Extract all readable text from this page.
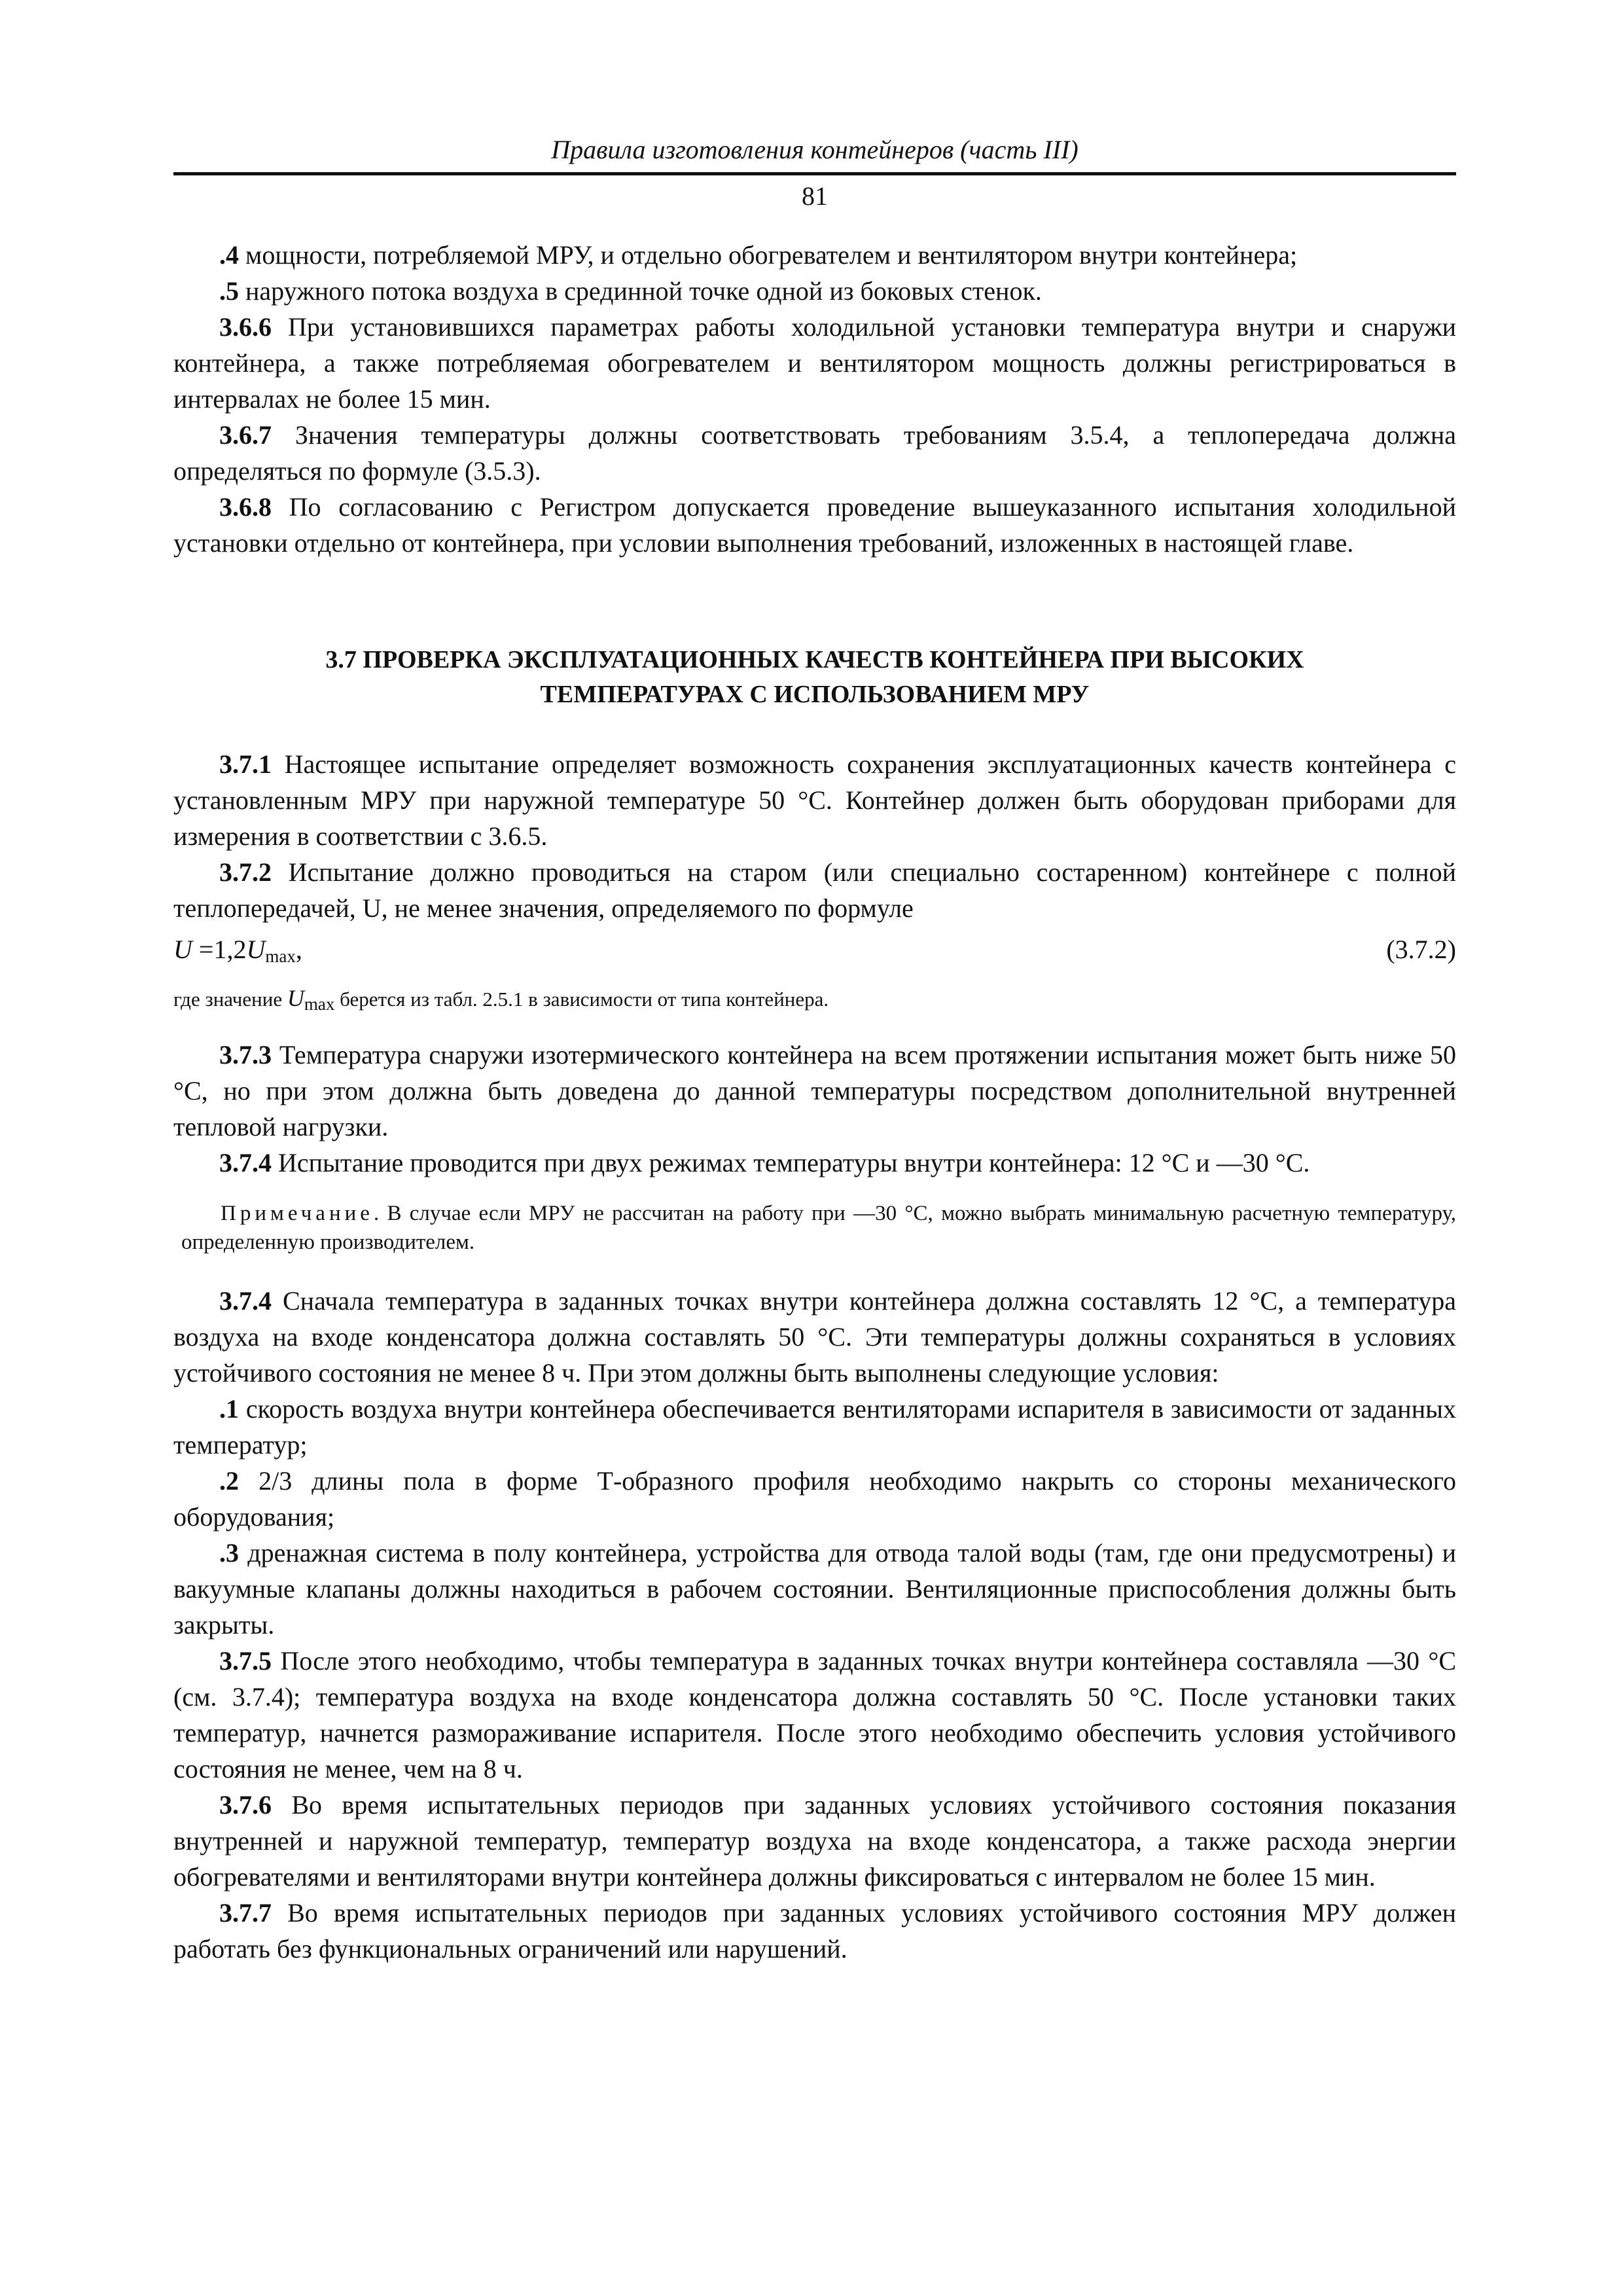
Правила изготовления контейнеров (часть III)
81

.4 мощности, потребляемой МРУ, и отдельно обогревателем и вентилятором внутри контейнера;

.5 наружного потока воздуха в срединной точке одной из боковых стенок.

3.6.6 При установившихся параметрах работы холодильной установки температура внутри и снаружи контейнера, а также потребляемая обогревателем и вентилятором мощность должны регистрироваться в интервалах не более 15 мин.

3.6.7 Значения температуры должны соответствовать требованиям 3.5.4, а теплопередача должна определяться по формуле (3.5.3).

3.6.8 По согласованию с Регистром допускается проведение вышеуказанного испытания холодильной установки отдельно от контейнера, при условии выполнения требований, изложенных в настоящей главе.

3.7 ПРОВЕРКА ЭКСПЛУАТАЦИОННЫХ КАЧЕСТВ КОНТЕЙНЕРА ПРИ ВЫСОКИХ
ТЕМПЕРАТУРАХ С ИСПОЛЬЗОВАНИЕМ МРУ

3.7.1 Настоящее испытание определяет возможность сохранения эксплуатационных качеств контейнера с установленным МРУ при наружной температуре 50 °С. Контейнер должен быть оборудован приборами для измерения в соответствии с 3.6.5.

3.7.2 Испытание должно проводиться на старом (или специально состаренном) контейнере с полной теплопередачей, U, не менее значения, определяемого по формуле

$U =1,2U_{max}$,	(3.7.2)
где значение $U_{max}$ берется из табл. 2.5.1 в зависимости от типа контейнера.

3.7.3 Температура снаружи изотермического контейнера на всем протяжении испытания может быть ниже 50 °С, но при этом должна быть доведена до данной температуры посредством дополнительной внутренней тепловой нагрузки.

3.7.4 Испытание проводится при двух режимах температуры внутри контейнера: 12 °С и —30 °С.

Примечание. В случае если МРУ не рассчитан на работу при —30 °С, можно выбрать минимальную расчетную температуру, определенную производителем.

3.7.4 Сначала температура в заданных точках внутри контейнера должна составлять 12 °С, а температура воздуха на входе конденсатора должна составлять 50 °С. Эти температуры должны сохраняться в условиях устойчивого состояния не менее 8 ч. При этом должны быть выполнены следующие условия:

.1 скорость воздуха внутри контейнера обеспечивается вентиляторами испарителя в зависимости от заданных температур;

.2 2/3 длины пола в форме Т-образного профиля необходимо накрыть со стороны механического оборудования;

.3 дренажная система в полу контейнера, устройства для отвода талой воды (там, где они предусмотрены) и вакуумные клапаны должны находиться в рабочем состоянии. Вентиляционные приспособления должны быть закрыты.

3.7.5 После этого необходимо, чтобы температура в заданных точках внутри контейнера составляла —30 °С (см. 3.7.4); температура воздуха на входе конденсатора должна составлять 50 °С. После установки таких температур, начнется размораживание испарителя. После этого необходимо обеспечить условия устойчивого состояния не менее, чем на 8 ч.

3.7.6 Во время испытательных периодов при заданных условиях устойчивого состояния показания внутренней и наружной температур, температур воздуха на входе конденсатора, а также расхода энергии обогревателями и вентиляторами внутри контейнера должны фиксироваться с интервалом не более 15 мин.

3.7.7 Во время испытательных периодов при заданных условиях устойчивого состояния МРУ должен работать без функциональных ограничений или нарушений.
